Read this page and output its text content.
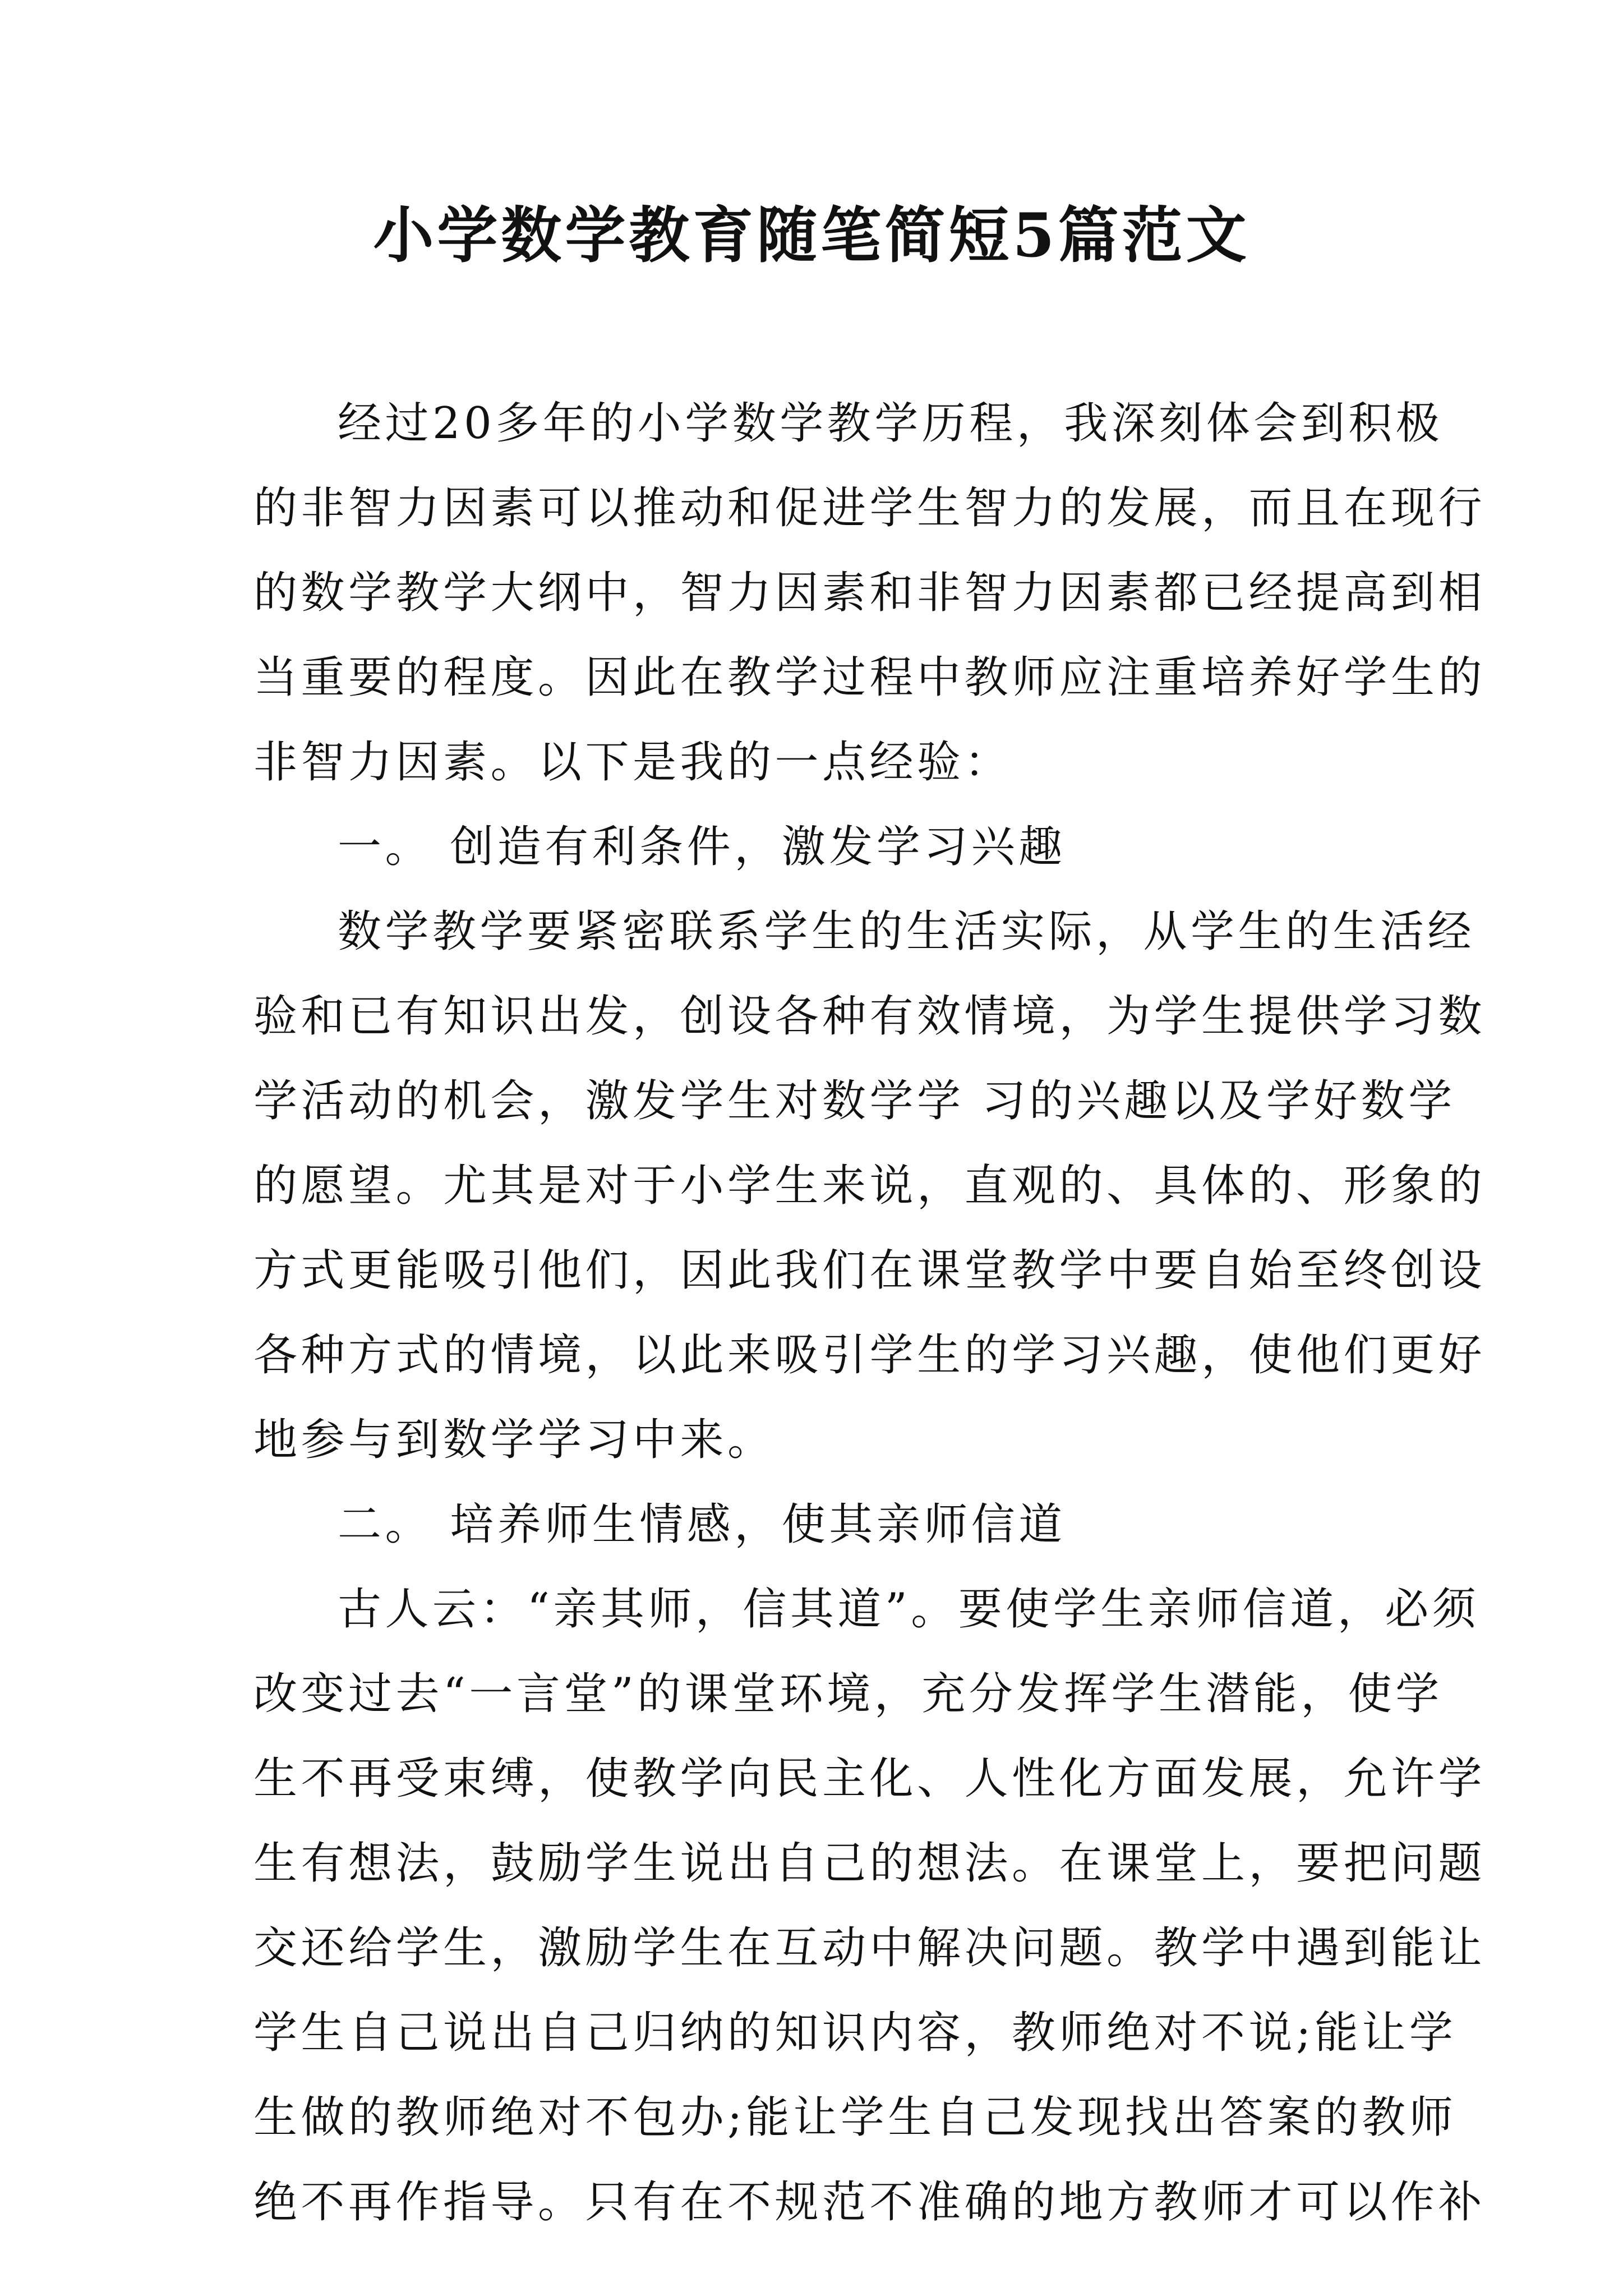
小学数学教育随笔简短5篇范文
经过20多年的小学数学教学历程，我深刻体会到积极
的非智力因素可以推动和促进学生智力的发展，而且在现行
的数学教学大纲中，智力因素和非智力因素都已经提高到相
当重要的程度。因此在教学过程中教师应注重培养好学生的
非智力因素。以下是我的一点经验：
一。 创造有利条件，激发学习兴趣
数学教学要紧密联系学生的生活实际，从学生的生活经
验和已有知识出发，创设各种有效情境，为学生提供学习数
学活动的机会，激发学生对数学学 习的兴趣以及学好数学
的愿望。尤其是对于小学生来说，直观的、具体的、形象的
方式更能吸引他们，因此我们在课堂教学中要自始至终创设
各种方式的情境，以此来吸引学生的学习兴趣，使他们更好
地参与到数学学习中来。
二。 培养师生情感，使其亲师信道
古人云：“亲其师，信其道”。要使学生亲师信道，必须
改变过去“一言堂”的课堂环境，充分发挥学生潜能，使学
生不再受束缚，使教学向民主化、人性化方面发展，允许学
生有想法，鼓励学生说出自己的想法。在课堂上，要把问题
交还给学生，激励学生在互动中解决问题。教学中遇到能让
学生自己说出自己归纳的知识内容，教师绝对不说;能让学
生做的教师绝对不包办;能让学生自己发现找出答案的教师
绝不再作指导。只有在不规范不准确的地方教师才可以作补
